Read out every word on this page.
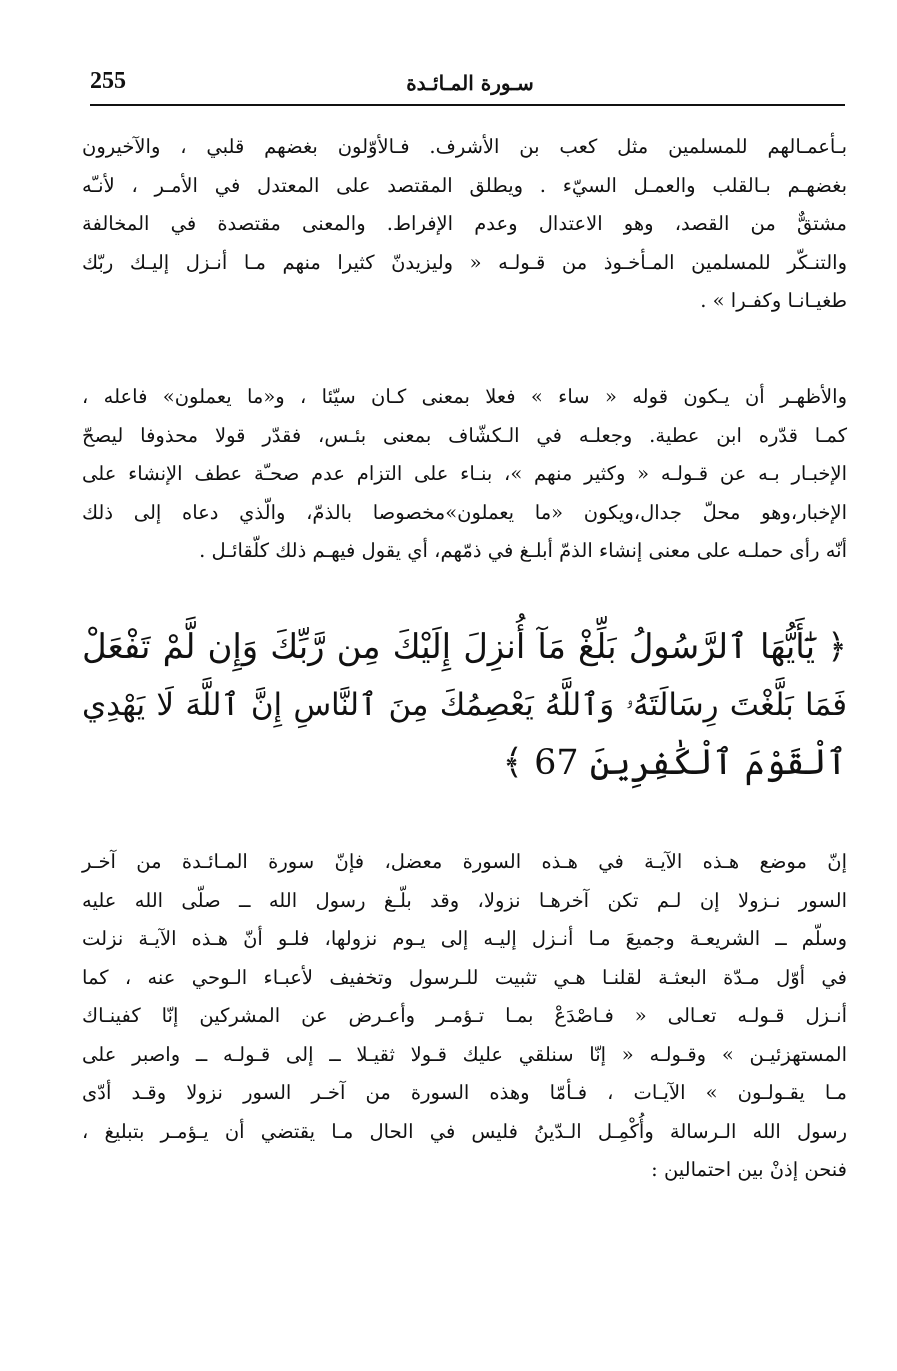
255	سـورة المـائـدة
بـأعمـالهم للمسلمين مثل كعب بن الأشرف. فـالأوّلون بغضهم قلبي ، والآخيرون
بغضهـم بـالقلب والعمـل السيّء . ويطلق المقتصد على المعتدل في الأمـر ، لأنـّه
مشتقٌّ من القصد، وهو الاعتدال وعدم الإفراط. والمعنى مقتصدة في المخالفة
والتنـكّر للمسلمين المـأخـوذ من قـولـه « وليزيدنّ كثيرا منهم مـا أنـزل إليـك ربّك
طغيـانـا وكفـرا » .
والأظهـر أن يـكون قوله « ساء » فعلا بمعنى كـان سيّئا ، و«ما يعملون» فاعله ،
كمـا قدّره ابن عطية. وجعلـه في الـكشّاف بمعنى بئـس، فقدّر قولا محذوفا ليصحّ
الإخبـار بـه عن قـولـه « وكثير منهم »، بنـاء على التزام عدم صحـّة عطف الإنشاء على
الإخبار،وهو محلّ جدال،ويكون «ما يعملون»مخصوصا بالذمّ، والّذي دعاه إلى ذلك
أنّه رأى حملـه على معنى إنشاء الذمّ أبلـغ في ذمّهم، أي يقول فيهـم ذلك كلّقائـل .
﴿ يَٰٓأَيُّهَا ٱلرَّسُولُ بَلِّغْ مَآ أُنزِلَ إِلَيْكَ مِن رَّبِّكَ وَإِن لَّمْ تَفْعَلْ
فَمَا بَلَّغْتَ رِسَالَتَهُۥ وَٱللَّهُ يَعْصِمُكَ مِنَ ٱلنَّاسِ إِنَّ ٱللَّهَ لَا يَهْدِي
ٱلْقَوْمَ ٱلْكَٰفِرِينَ 67 ﴾
إنّ موضع هـذه الآيـة في هـذه السورة معضل، فإنّ سورة المـائـدة من آخـر
السور نـزولا إن لـم تكن آخرهـا نزولا، وقد بلّـغ رسول الله ــ صلّى الله عليه
وسلّم ــ الشريعـة وجميعَ مـا أنـزل إليـه إلى يـوم نزولها، فلـو أنّ هـذه الآيـة نزلت
في أوّل مـدّة البعثـة لقلنـا هـي تثبيت للـرسول وتخفيف لأعبـاء الـوحي عنه ، كما
أنـزل قـولـه تعـالى « فـاصْدَعْ بمـا تـؤمـر وأعـرض عن المشركين إنّا كفينـاك
المستهزئيـن » وقـولـه « إنّا سنلقي عليك قـولا ثقيـلا ــ إلى قـولـه ــ واصبر على
مـا يقـولـون » الآيـات ، فـأمّا وهذه السورة من آخـر السور نزولا وقـد أدّى
رسول الله الـرسالة وأُكْمِـل الـدّينُ فليس في الحال مـا يقتضي أن يـؤمـر بتبليغ ،
فنحن إذنْ بين احتمالين :
